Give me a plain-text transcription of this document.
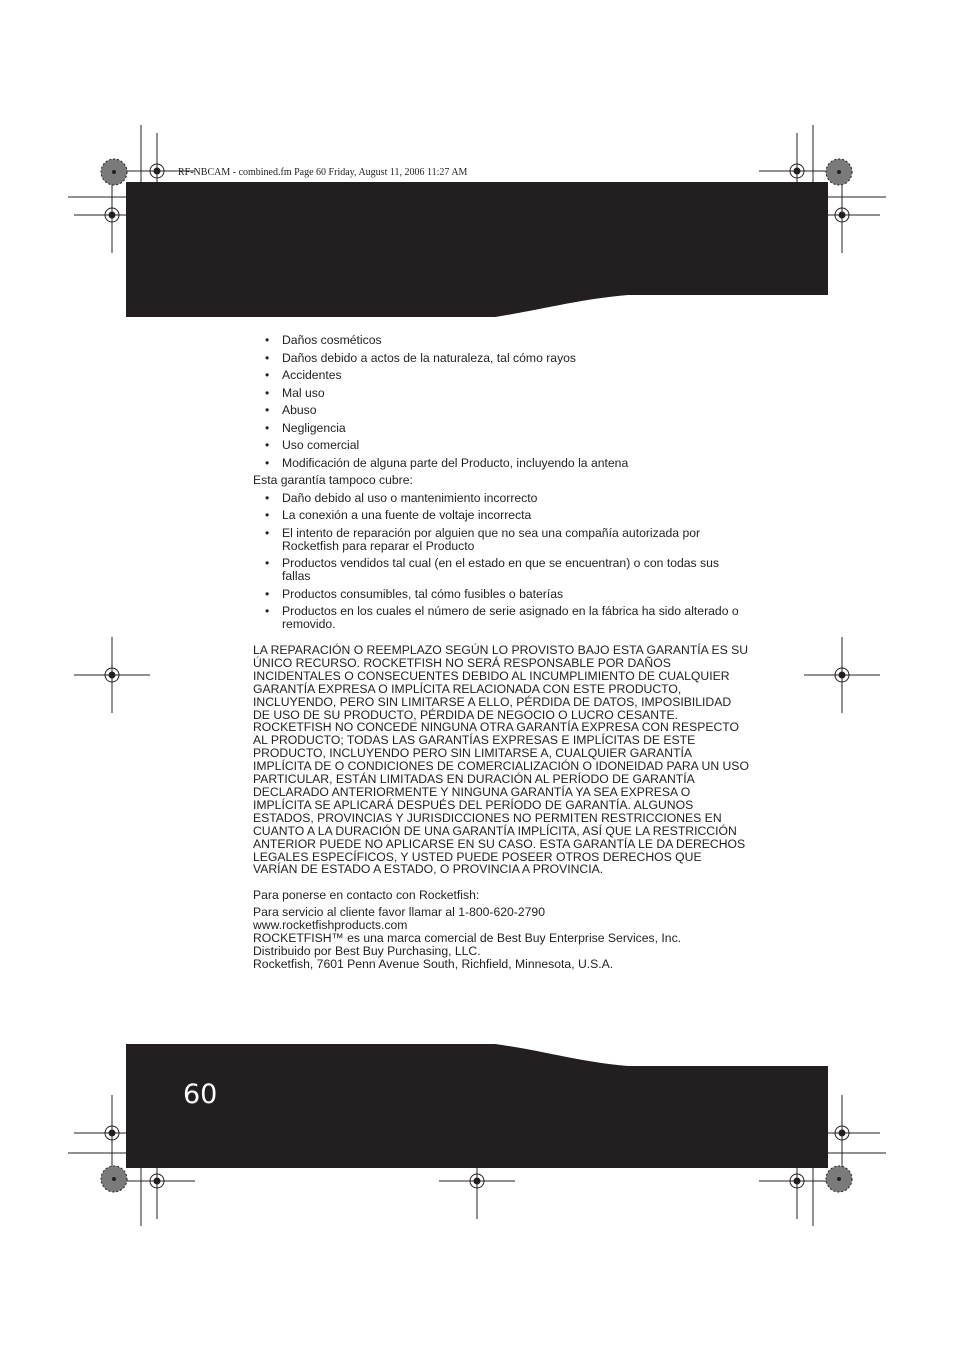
RF-NBCAM - combined.fm Page 60 Friday, August 11, 2006 11:27 AM
• Daños cosméticos
• Daños debido a actos de la naturaleza, tal cómo rayos
• Accidentes
• Mal uso
• Abuso
• Negligencia
• Uso comercial
• Modificación de alguna parte del Producto, incluyendo la antena

Esta garantía tampoco cubre:

• Daño debido al uso o mantenimiento incorrecto
• La conexión a una fuente de voltaje incorrecta
• El intento de reparación por alguien que no sea una compañía autorizada por Rocketfish para reparar el Producto
• Productos vendidos tal cual (en el estado en que se encuentran) o con todas sus fallas
• Productos consumibles, tal cómo fusibles o baterías
• Productos en los cuales el número de serie asignado en la fábrica ha sido alterado o removido.

LA REPARACIÓN O REEMPLAZO SEGÚN LO PROVISTO BAJO ESTA GARANTÍA ES SU ÚNICO RECURSO. ROCKETFISH NO SERÁ RESPONSABLE POR DAÑOS INCIDENTALES O CONSECUENTES DEBIDO AL INCUMPLIMIENTO DE CUALQUIER GARANTÍA EXPRESA O IMPLÍCITA RELACIONADA CON ESTE PRODUCTO, INCLUYENDO, PERO SIN LIMITARSE A ELLO, PÉRDIDA DE DATOS, IMPOSIBILIDAD DE USO DE SU PRODUCTO, PÉRDIDA DE NEGOCIO O LUCRO CESANTE. ROCKETFISH NO CONCEDE NINGUNA OTRA GARANTÍA EXPRESA CON RESPECTO AL PRODUCTO; TODAS LAS GARANTÍAS EXPRESAS E IMPLÍCITAS DE ESTE PRODUCTO, INCLUYENDO PERO SIN LIMITARSE A, CUALQUIER GARANTÍA IMPLÍCITA DE O CONDICIONES DE COMERCIALIZACIÓN O IDONEIDAD PARA UN USO PARTICULAR, ESTÁN LIMITADAS EN DURACIÓN AL PERÍODO DE GARANTÍA DECLARADO ANTERIORMENTE Y NINGUNA GARANTÍA YA SEA EXPRESA O IMPLÍCITA SE APLICARÁ DESPUÉS DEL PERÍODO DE GARANTÍA. ALGUNOS ESTADOS, PROVINCIAS Y JURISDICCIONES NO PERMITEN RESTRICCIONES EN CUANTO A LA DURACIÓN DE UNA GARANTÍA IMPLÍCITA, ASÍ QUE LA RESTRICCIÓN ANTERIOR PUEDE NO APLICARSE EN SU CASO. ESTA GARANTÍA LE DA DERECHOS LEGALES ESPECÍFICOS, Y USTED PUEDE POSEER OTROS DERECHOS QUE VARÍAN DE ESTADO A ESTADO, O PROVINCIA A PROVINCIA.

Para ponerse en contacto con Rocketfish:

Para servicio al cliente favor llamar al 1-800-620-2790

www.rocketfishproducts.com

ROCKETFISH™ es una marca comercial de Best Buy Enterprise Services, Inc.

Distribuido por Best Buy Purchasing, LLC.

Rocketfish, 7601 Penn Avenue South, Richfield, Minnesota, U.S.A.

60
